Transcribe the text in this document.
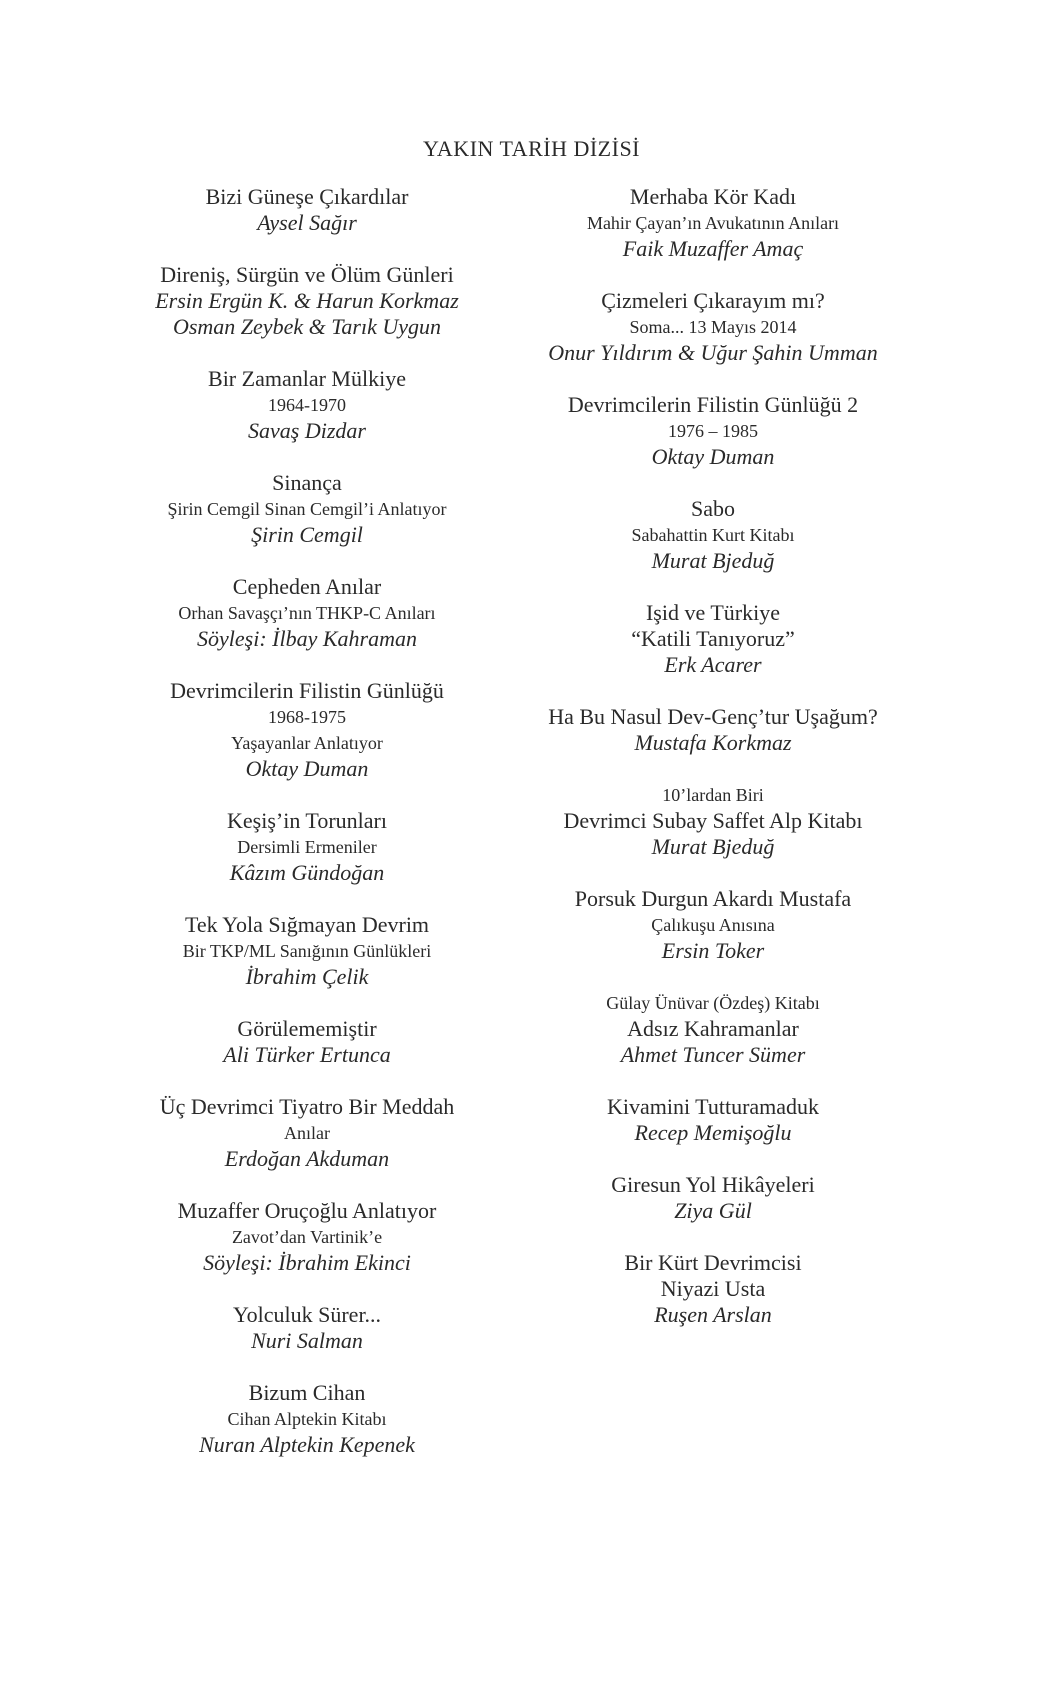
YAKIN TARİH DİZİSİ
Bizi Güneşe Çıkardılar
Aysel Sağır
Direniş, Sürgün ve Ölüm Günleri
Ersin Ergün K. & Harun Korkmaz
Osman Zeybek & Tarık Uygun
Bir Zamanlar Mülkiye
1964-1970
Savaş Dizdar
Sinança
Şirin Cemgil Sinan Cemgil’i Anlatıyor
Şirin Cemgil
Cepheden Anılar
Orhan Savaşçı’nın THKP-C Anıları
Söyleşi: İlbay Kahraman
Devrimcilerin Filistin Günlüğü
1968-1975
Yaşayanlar Anlatıyor
Oktay Duman
Keşiş’in Torunları
Dersimli Ermeniler
Kâzım Gündoğan
Tek Yola Sığmayan Devrim
Bir TKP/ML Sanığının Günlükleri
İbrahim Çelik
Görülememiştir
Ali Türker Ertunca
Üç Devrimci Tiyatro Bir Meddah
Anılar
Erdoğan Akduman
Muzaffer Oruçoğlu Anlatıyor
Zavot’dan Vartinik’e
Söyleşi: İbrahim Ekinci
Yolculuk Sürer...
Nuri Salman
Bizum Cihan
Cihan Alptekin Kitabı
Nuran Alptekin Kepenek
Merhaba Kör Kadı
Mahir Çayan’ın Avukatının Anıları
Faik Muzaffer Amaç
Çizmeleri Çıkarayım mı?
Soma... 13 Mayıs 2014
Onur Yıldırım & Uğur Şahin Umman
Devrimcilerin Filistin Günlüğü 2
1976 – 1985
Oktay Duman
Sabo
Sabahattin Kurt Kitabı
Murat Bjeduğ
Işid ve Türkiye
“Katili Tanıyoruz”
Erk Acarer
Ha Bu Nasul Dev-Genç’tur Uşağum?
Mustafa Korkmaz
10’lardan Biri
Devrimci Subay Saffet Alp Kitabı
Murat Bjeduğ
Porsuk Durgun Akardı Mustafa
Çalıkuşu Anısına
Ersin Toker
Gülay Ünüvar (Özdeş) Kitabı
Adsız Kahramanlar
Ahmet Tuncer Sümer
Kivamini Tutturamaduk
Recep Memişoğlu
Giresun Yol Hikâyeleri
Ziya Gül
Bir Kürt Devrimcisi
Niyazi Usta
Ruşen Arslan
